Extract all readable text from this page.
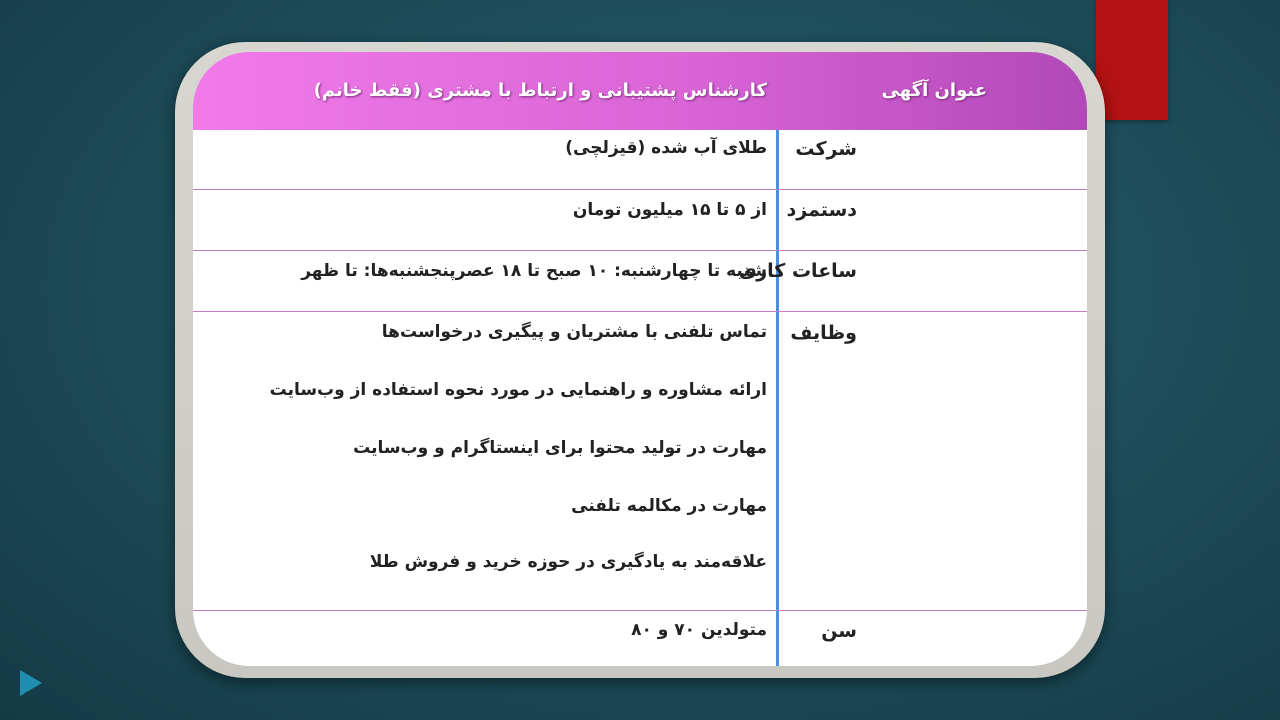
عنوان آگهی
کارشناس پشتیبانی و ارتباط با مشتری (فقط خانم)
شرکت
طلای آب شده (قیزلچی)
دستمزد
از ۵ تا ۱۵ میلیون تومان
ساعات کاری
شنبه تا چهارشنبه: ۱۰ صبح تا ۱۸ عصرپنجشنبه‌ها: تا ظهر
وظایف
تماس تلفنی با مشتریان و پیگیری درخواست‌ها
ارائه مشاوره و راهنمایی در مورد نحوه استفاده از وب‌سایت
مهارت در تولید محتوا برای اینستاگرام و وب‌سایت
مهارت در مکالمه تلفنی
علاقه‌مند به یادگیری در حوزه خرید و فروش طلا
سن
متولدین ۷۰ و ۸۰
